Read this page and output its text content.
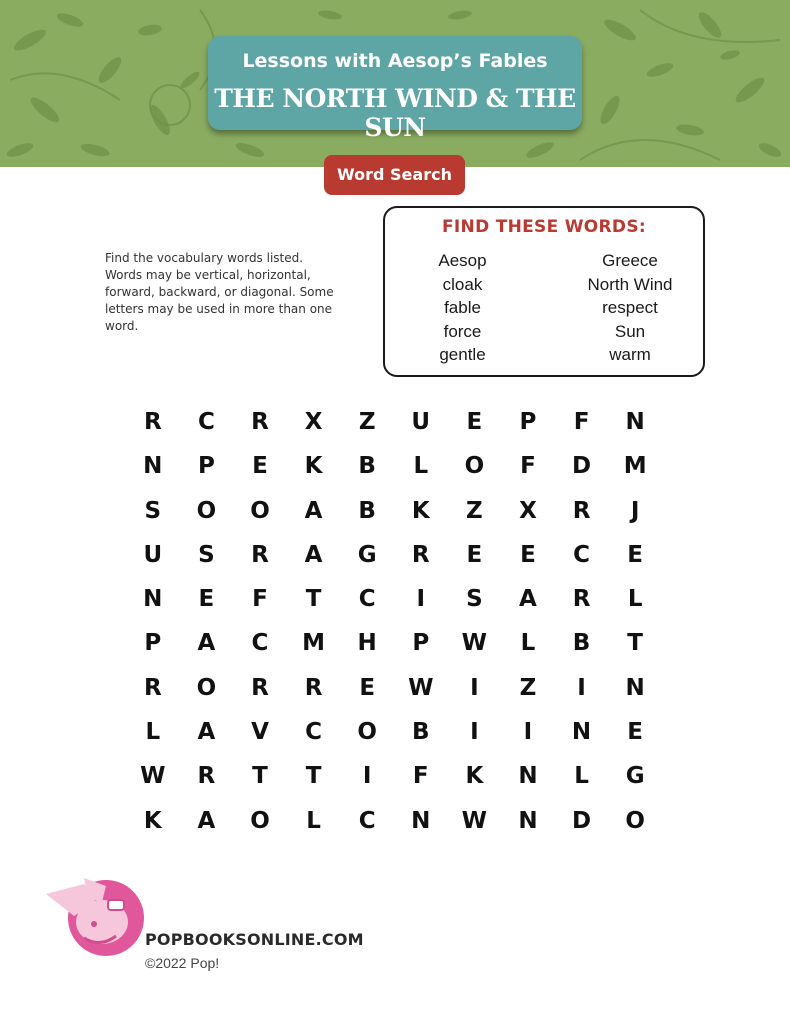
Lessons with Aesop’s Fables
THE NORTH WIND & THE SUN
Word Search
Find the vocabulary words listed. Words may be vertical, horizontal, forward, backward, or diagonal. Some letters may be used in more than one word.
FIND THESE WORDS:
Aesop
cloak
fable
force
gentle
Greece
North Wind
respect
Sun
warm
R	C	R	X	Z	U	E	P	F	N
N	P	E	K	B	L	O	F	D	M
S	O	O	A	B	K	Z	X	R	J
U	S	R	A	G	R	E	E	C	E
N	E	F	T	C	I	S	A	R	L
P	A	C	M	H	P	W	L	B	T
R	O	R	R	E	W	I	Z	I	N
L	A	V	C	O	B	I	I	N	E
W	R	T	T	I	F	K	N	L	G
K	A	O	L	C	N	W	N	D	O
POPBOOKSONLINE.COM
©2022 Pop!
